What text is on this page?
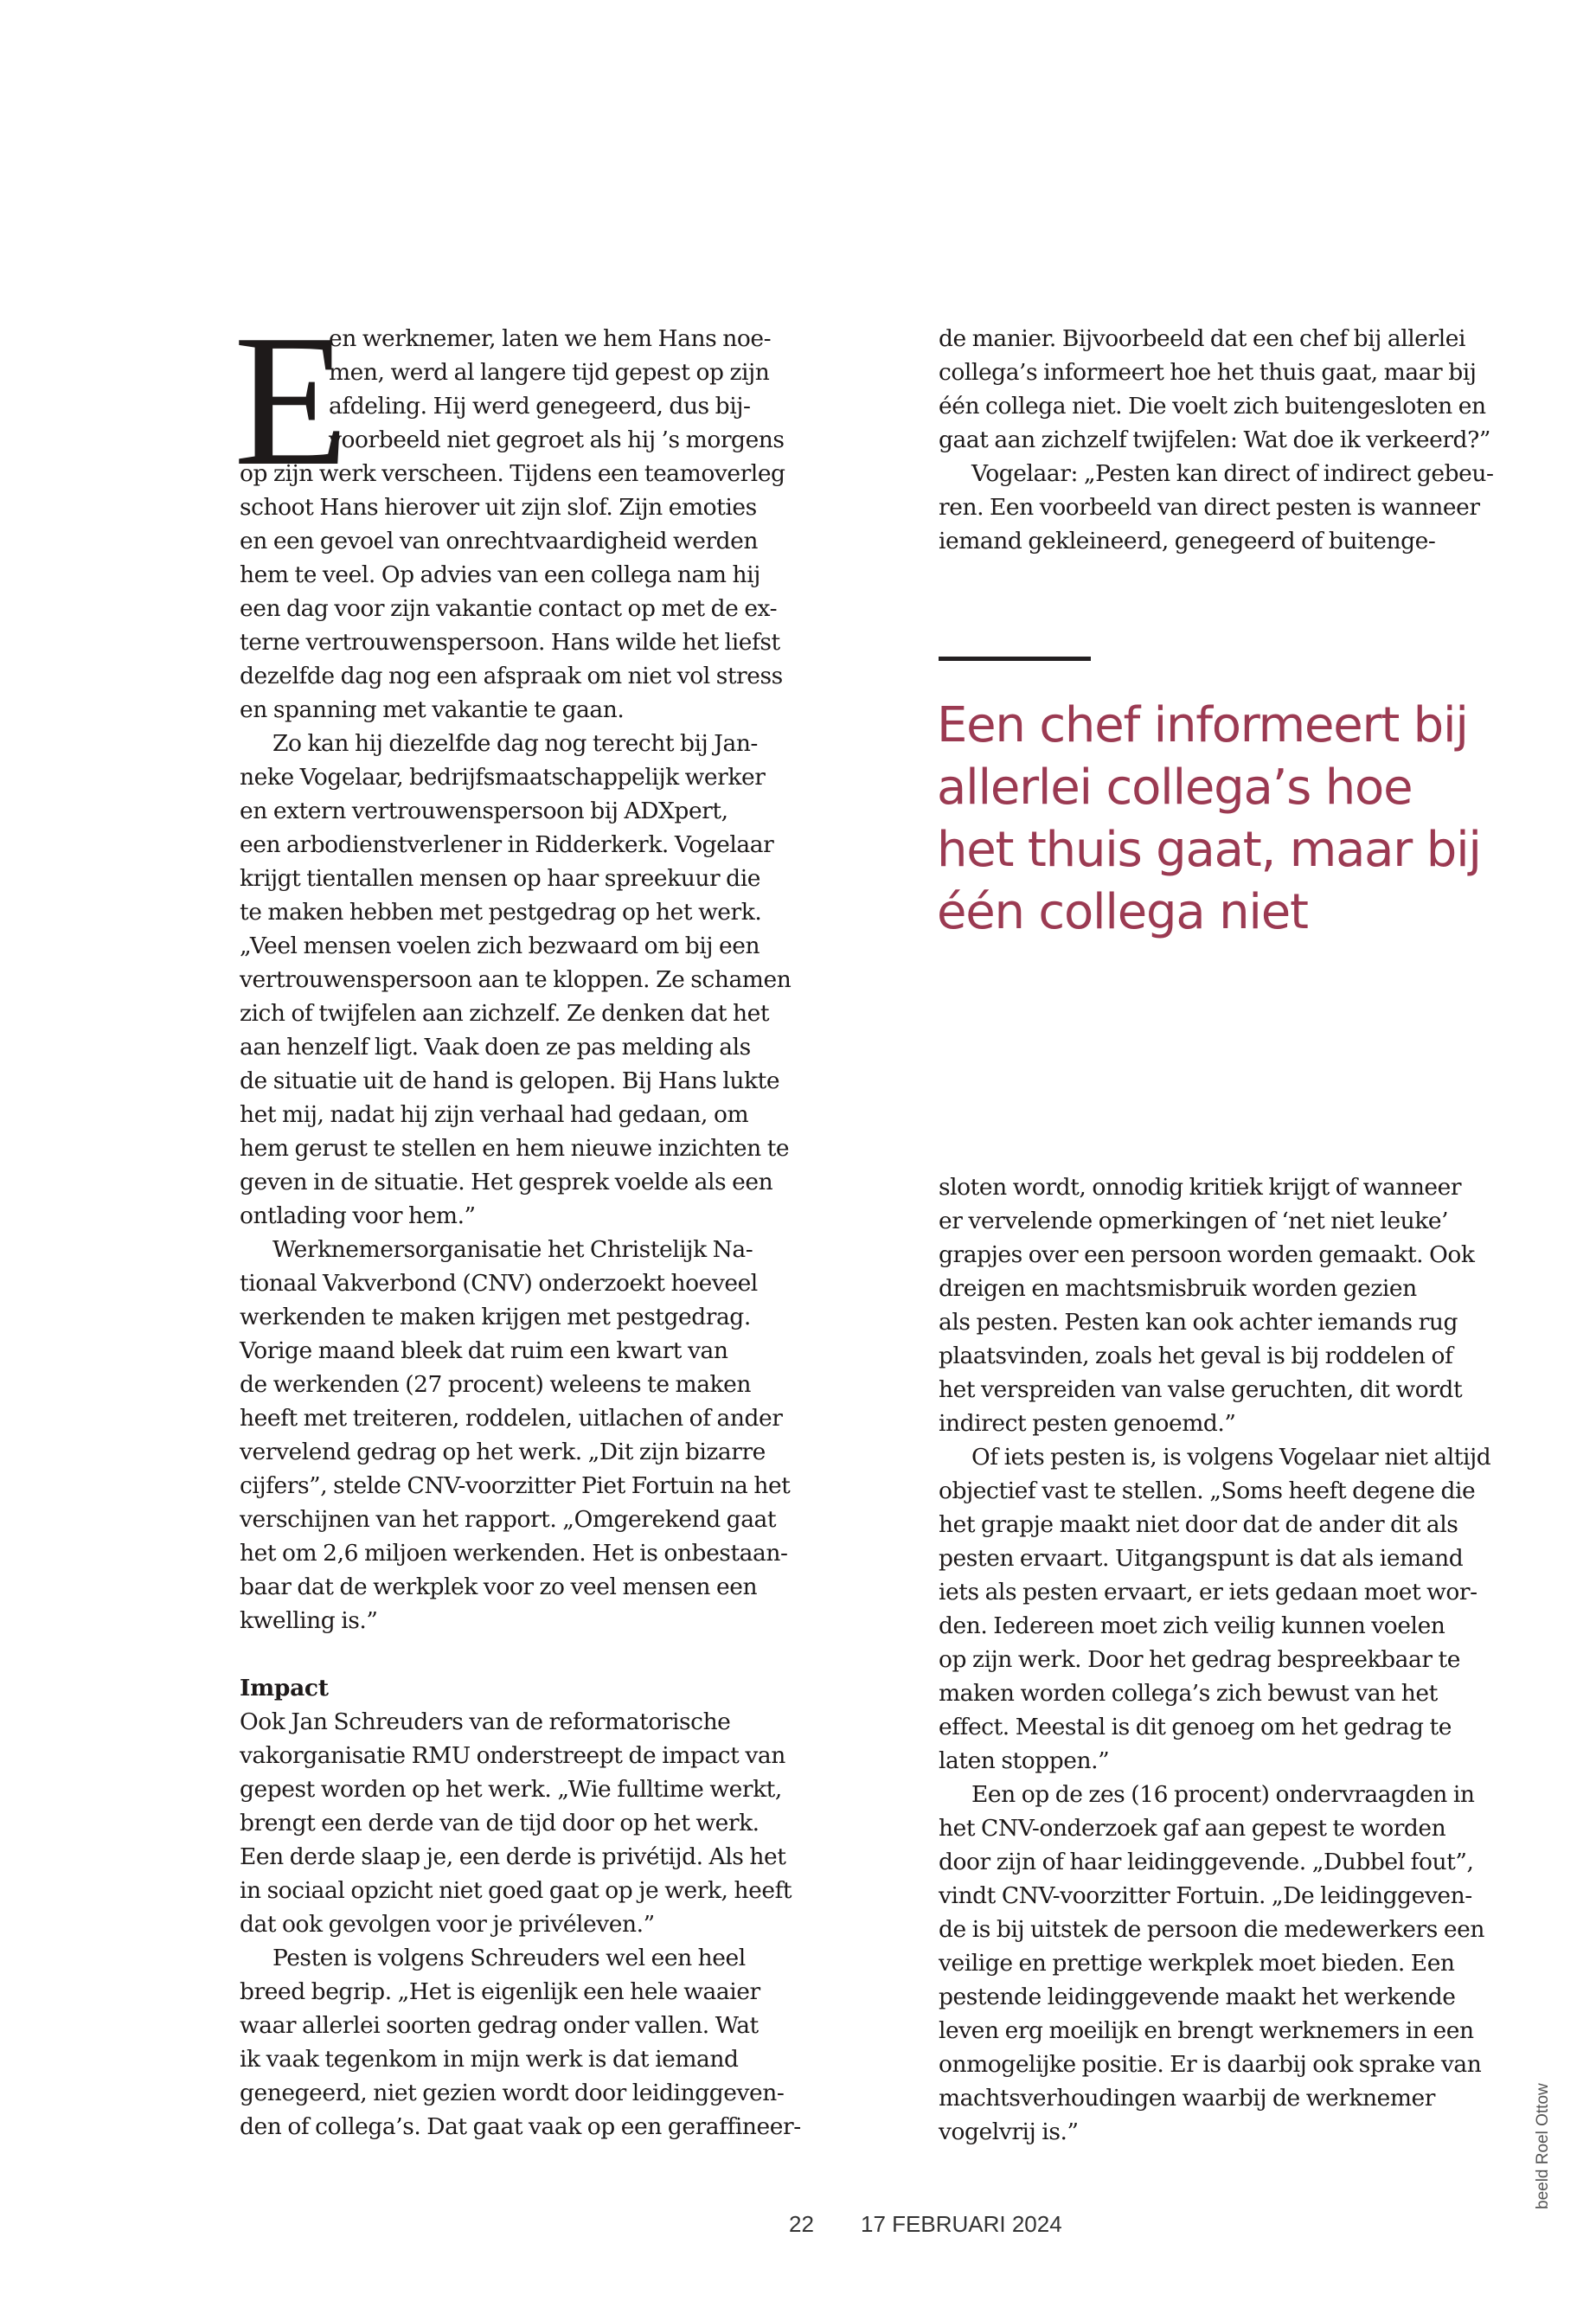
E
en werknemer, laten we hem Hans noe-
men, werd al langere tijd gepest op zijn
afdeling. Hij werd genegeerd, dus bij-
voorbeeld niet gegroet als hij ’s morgens
op zijn werk verscheen. Tijdens een teamoverleg
schoot Hans hierover uit zijn slof. Zijn emoties
en een gevoel van onrechtvaardigheid werden
hem te veel. Op advies van een collega nam hij
een dag voor zijn vakantie contact op met de ex-
terne vertrouwenspersoon. Hans wilde het liefst
dezelfde dag nog een afspraak om niet vol stress
en spanning met vakantie te gaan.
Zo kan hij diezelfde dag nog terecht bij Jan-
neke Vogelaar, bedrijfsmaatschappelijk werker
en extern vertrouwenspersoon bij ADXpert,
een arbodienstverlener in Ridderkerk. Vogelaar
krijgt tientallen mensen op haar spreekuur die
te maken hebben met pestgedrag op het werk.
„Veel mensen voelen zich bezwaard om bij een
vertrouwenspersoon aan te kloppen. Ze schamen
zich of twijfelen aan zichzelf. Ze denken dat het
aan henzelf ligt. Vaak doen ze pas melding als
de situatie uit de hand is gelopen. Bij Hans lukte
het mij, nadat hij zijn verhaal had gedaan, om
hem gerust te stellen en hem nieuwe inzichten te
geven in de situatie. Het gesprek voelde als een
ontlading voor hem.”
Werknemersorganisatie het Christelijk Na-
tionaal Vakverbond (CNV) onderzoekt hoeveel
werkenden te maken krijgen met pestgedrag.
Vorige maand bleek dat ruim een kwart van
de werkenden (27 procent) weleens te maken
heeft met treiteren, roddelen, uitlachen of ander
vervelend gedrag op het werk. „Dit zijn bizarre
cijfers”, stelde CNV-voorzitter Piet Fortuin na het
verschijnen van het rapport. „Omgerekend gaat
het om 2,6 miljoen werkenden. Het is onbestaan-
baar dat de werkplek voor zo veel mensen een
kwelling is.”
Impact
Ook Jan Schreuders van de reformatorische
vakorganisatie RMU onderstreept de impact van
gepest worden op het werk. „Wie fulltime werkt,
brengt een derde van de tijd door op het werk.
Een derde slaap je, een derde is privétijd. Als het
in sociaal opzicht niet goed gaat op je werk, heeft
dat ook gevolgen voor je privéleven.”
Pesten is volgens Schreuders wel een heel
breed begrip. „Het is eigenlijk een hele waaier
waar allerlei soorten gedrag onder vallen. Wat
ik vaak tegenkom in mijn werk is dat iemand
genegeerd, niet gezien wordt door leidinggeven-
den of collega’s. Dat gaat vaak op een geraffineer-
de manier. Bijvoorbeeld dat een chef bij allerlei
collega’s informeert hoe het thuis gaat, maar bij
één collega niet. Die voelt zich buitengesloten en
gaat aan zichzelf twijfelen: Wat doe ik verkeerd?”
Vogelaar: „Pesten kan direct of indirect gebeu-
ren. Een voorbeeld van direct pesten is wanneer
iemand gekleineerd, genegeerd of buitenge-
Een chef informeert bij
allerlei collega’s hoe
het thuis gaat, maar bij
één collega niet
sloten wordt, onnodig kritiek krijgt of wanneer
er vervelende opmerkingen of ‘net niet leuke’
grapjes over een persoon worden gemaakt. Ook
dreigen en machtsmisbruik worden gezien
als pesten. Pesten kan ook achter iemands rug
plaatsvinden, zoals het geval is bij roddelen of
het verspreiden van valse geruchten, dit wordt
indirect pesten genoemd.”
Of iets pesten is, is volgens Vogelaar niet altijd
objectief vast te stellen. „Soms heeft degene die
het grapje maakt niet door dat de ander dit als
pesten ervaart. Uitgangspunt is dat als iemand
iets als pesten ervaart, er iets gedaan moet wor-
den. Iedereen moet zich veilig kunnen voelen
op zijn werk. Door het gedrag bespreekbaar te
maken worden collega’s zich bewust van het
effect. Meestal is dit genoeg om het gedrag te
laten stoppen.”
Een op de zes (16 procent) ondervraagden in
het CNV-onderzoek gaf aan gepest te worden
door zijn of haar leidinggevende. „Dubbel fout”,
vindt CNV-voorzitter Fortuin. „De leidinggeven-
de is bij uitstek de persoon die medewerkers een
veilige en prettige werkplek moet bieden. Een
pestende leidinggevende maakt het werkende
leven erg moeilijk en brengt werknemers in een
onmogelijke positie. Er is daarbij ook sprake van
machtsverhoudingen waarbij de werknemer
vogelvrij is.”
22 17 FEBRUARI 2024
beeld Roel Ottow
